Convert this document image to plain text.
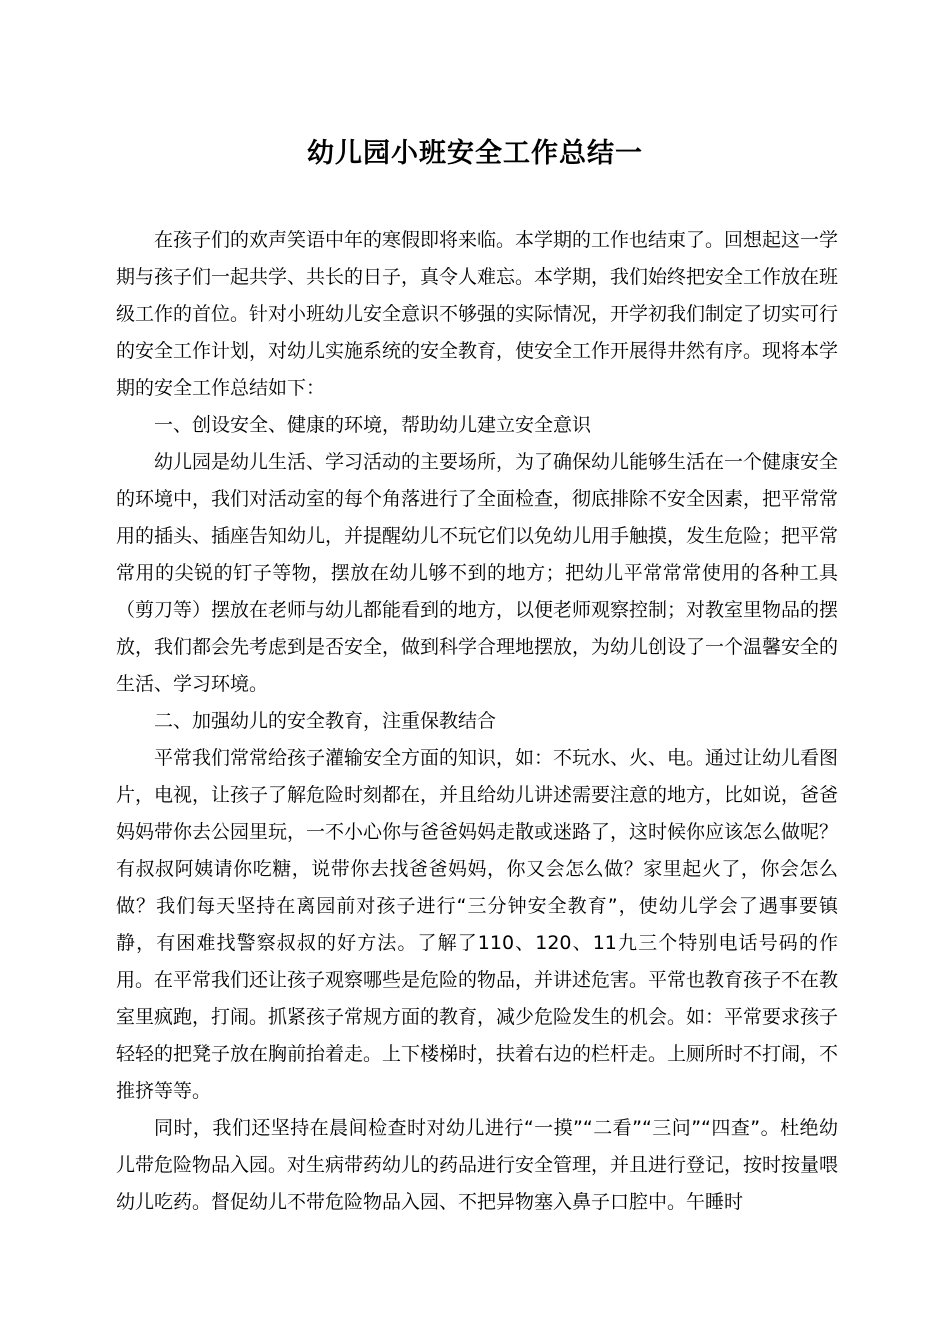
幼儿园小班安全工作总结一

在孩子们的欢声笑语中年的寒假即将来临。本学期的工作也结束了。回想起这一学期与孩子们一起共学、共长的日子，真令人难忘。本学期，我们始终把安全工作放在班级工作的首位。针对小班幼儿安全意识不够强的实际情况，开学初我们制定了切实可行的安全工作计划，对幼儿实施系统的安全教育，使安全工作开展得井然有序。现将本学期的安全工作总结如下：

一、创设安全、健康的环境，帮助幼儿建立安全意识

幼儿园是幼儿生活、学习活动的主要场所，为了确保幼儿能够生活在一个健康安全的环境中，我们对活动室的每个角落进行了全面检查，彻底排除不安全因素，把平常常用的插头、插座告知幼儿，并提醒幼儿不玩它们以免幼儿用手触摸，发生危险；把平常常用的尖锐的钉子等物，摆放在幼儿够不到的地方；把幼儿平常常常使用的各种工具（剪刀等）摆放在老师与幼儿都能看到的地方，以便老师观察控制；对教室里物品的摆放，我们都会先考虑到是否安全，做到科学合理地摆放，为幼儿创设了一个温馨安全的生活、学习环境。

二、加强幼儿的安全教育，注重保教结合

平常我们常常给孩子灌输安全方面的知识，如：不玩水、火、电。通过让幼儿看图片，电视，让孩子了解危险时刻都在，并且给幼儿讲述需要注意的地方，比如说，爸爸妈妈带你去公园里玩，一不小心你与爸爸妈妈走散或迷路了，这时候你应该怎么做呢？有叔叔阿姨请你吃糖，说带你去找爸爸妈妈，你又会怎么做？家里起火了，你会怎么做？我们每天坚持在离园前对孩子进行“三分钟安全教育”，使幼儿学会了遇事要镇静，有困难找警察叔叔的好方法。了解了110、120、11九三个特别电话号码的作用。在平常我们还让孩子观察哪些是危险的物品，并讲述危害。平常也教育孩子不在教室里疯跑，打闹。抓紧孩子常规方面的教育，减少危险发生的机会。如：平常要求孩子轻轻的把凳子放在胸前抬着走。上下楼梯时，扶着右边的栏杆走。上厕所时不打闹，不推挤等等。

同时，我们还坚持在晨间检查时对幼儿进行“一摸”“二看”“三问”“四查”。杜绝幼儿带危险物品入园。对生病带药幼儿的药品进行安全管理，并且进行登记，按时按量喂幼儿吃药。督促幼儿不带危险物品入园、不把异物塞入鼻子口腔中。午睡时
